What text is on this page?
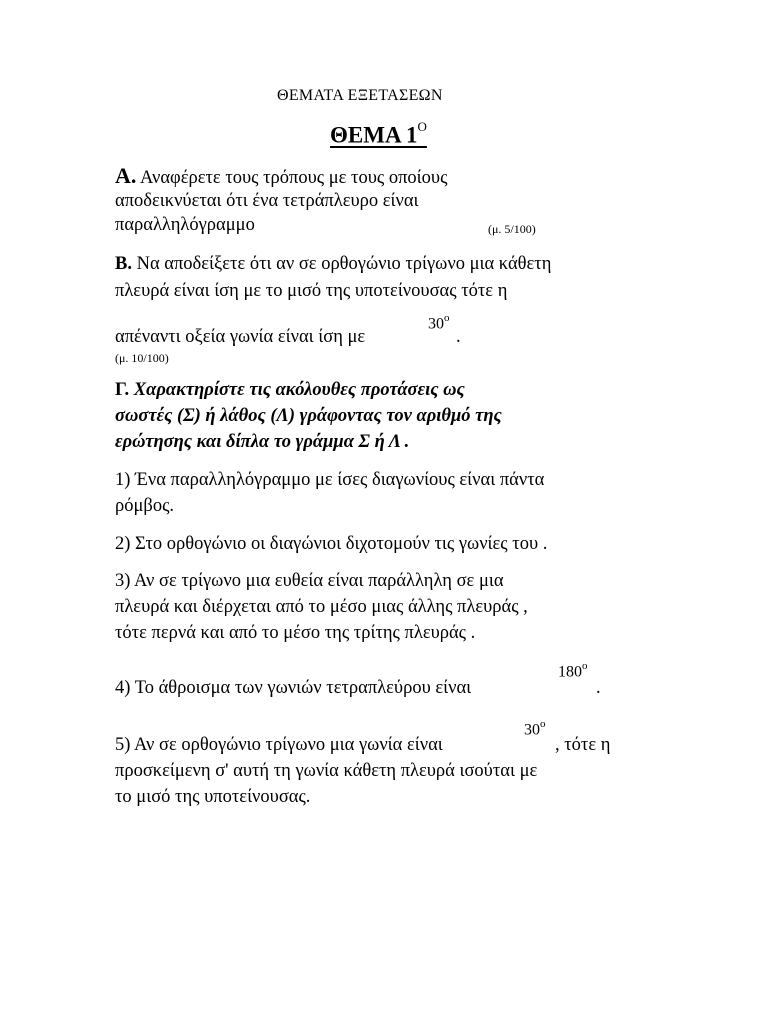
ΘΕΜΑΤΑ ΕΞΕΤΑΣΕΩΝ
ΘΕΜΑ $1^O$
Α. Αναφέρετε τους τρόπους με τους οποίους
αποδεικνύεται ότι ένα τετράπλευρο είναι
παραλληλόγραμμο	(μ. 5/100)
Β. Να αποδείξετε ότι αν σε ορθογώνιο τρίγωνο μια κάθετη
πλευρά είναι ίση με το μισό της υποτείνουσας τότε η
$30^o$
απέναντι οξεία γωνία είναι ίση με	.
(μ. 10/100)
Γ. Χαρακτηρίστε τις ακόλουθες προτάσεις ως
σωστές (Σ) ή λάθος (Λ) γράφοντας τον αριθμό της
ερώτησης και δίπλα το γράμμα Σ ή Λ .
1) Ένα παραλληλόγραμμο με ίσες διαγωνίους είναι πάντα
ρόμβος.
2) Στο ορθογώνιο οι διαγώνιοι διχοτομούν τις γωνίες του .
3) Αν σε τρίγωνο μια ευθεία είναι παράλληλη σε μια
πλευρά και διέρχεται από το μέσο μιας άλλης πλευράς ,
τότε περνά και από το μέσο της τρίτης πλευράς .
$180^o$
4) Το άθροισμα των γωνιών τετραπλεύρου είναι	.
$30^o$
5) Αν σε ορθογώνιο τρίγωνο μια γωνία είναι	, τότε η
προσκείμενη σ' αυτή τη γωνία κάθετη πλευρά ισούται με
το μισό της υποτείνουσας.
